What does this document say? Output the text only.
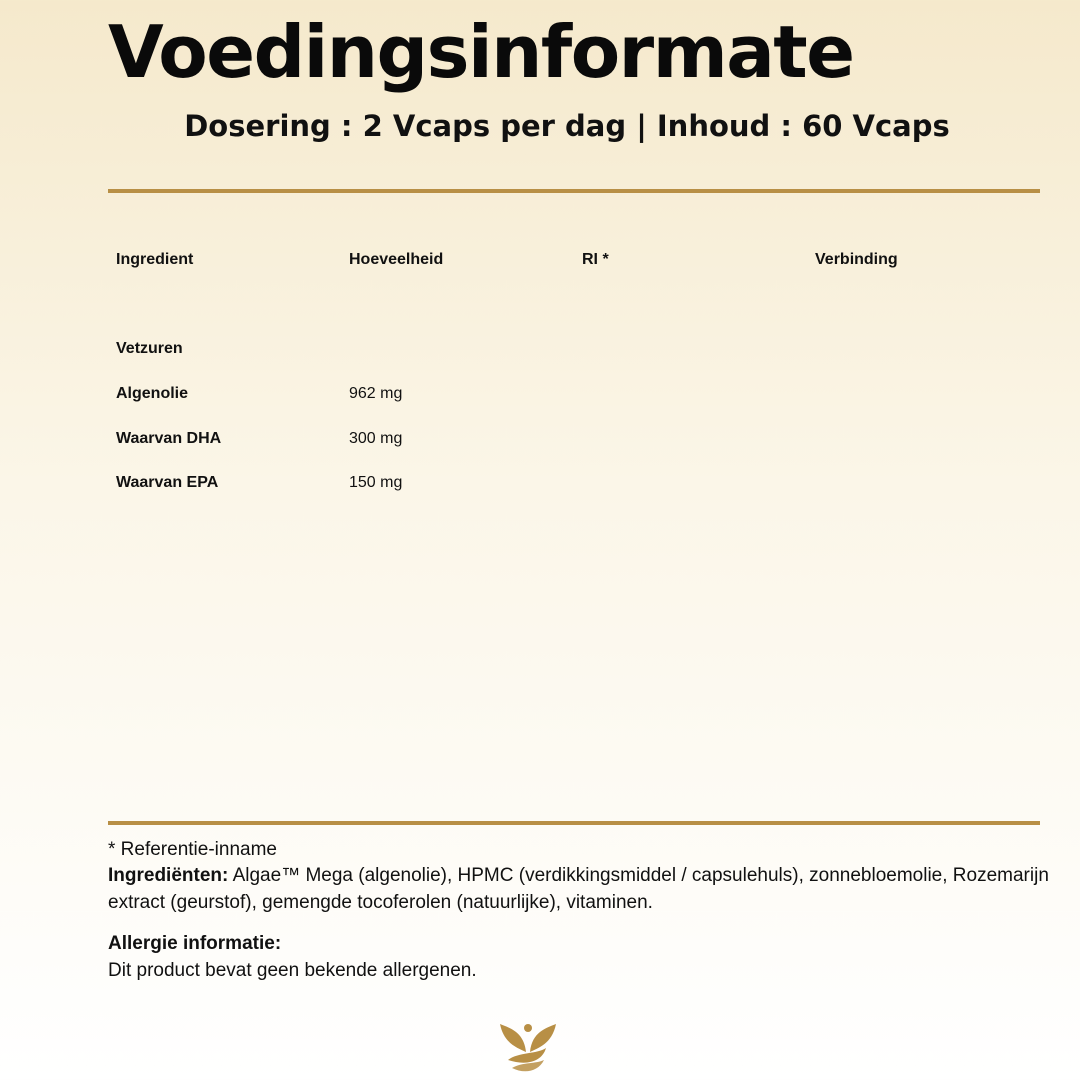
Voedingsinformate

Dosering : 2 Vcaps per dag | Inhoud : 60 Vcaps

Ingredient	Hoeveelheid	RI *	Verbinding
Vetzuren
Algenolie	962 mg
Waarvan DHA	300 mg
Waarvan EPA	150 mg
* Referentie-inname
Ingrediënten: Algae™ Mega (algenolie), HPMC (verdikkingsmiddel / capsulehuls), zonnebloemolie, Rozemarijn extract (geurstof), gemengde tocoferolen (natuurlijke), vitaminen.
Allergie informatie:
Dit product bevat geen bekende allergenen.
